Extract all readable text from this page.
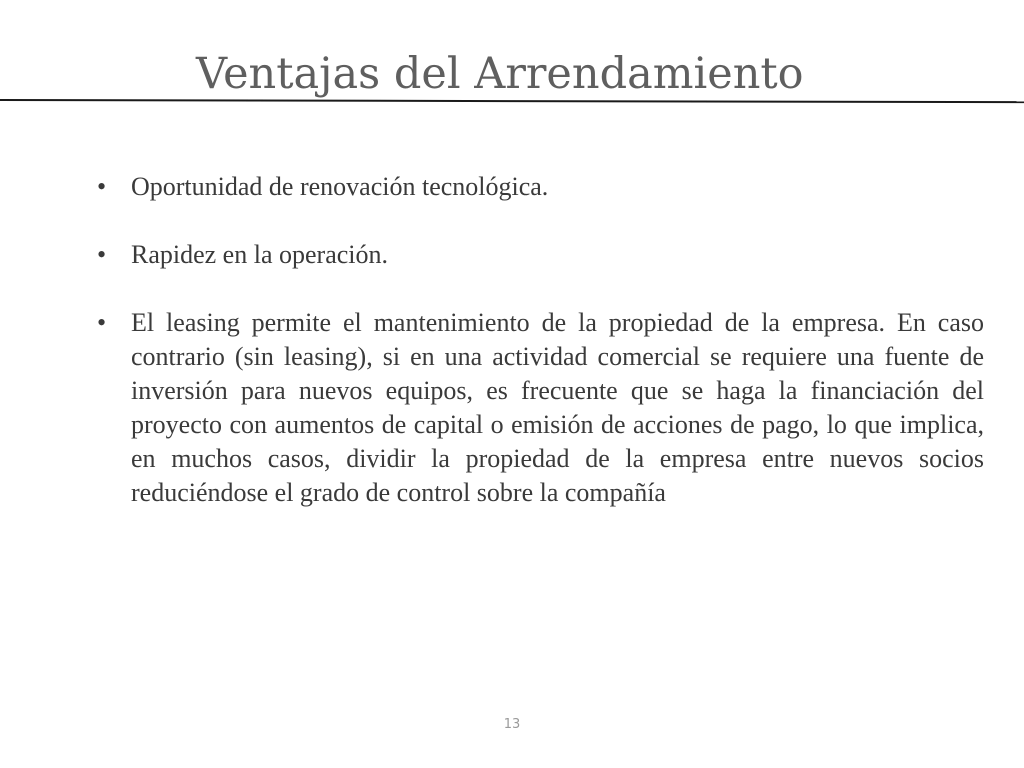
Ventajas del Arrendamiento
• Oportunidad de renovación tecnológica.
• Rapidez en la operación.
• El leasing permite el mantenimiento de la propiedad de la empresa. En caso contrario (sin leasing), si en una actividad comercial se requiere una fuente de inversión para nuevos equipos, es frecuente que se haga la financiación del proyecto con aumentos de capital o emisión de acciones de pago, lo que implica, en muchos casos, dividir la propiedad de la empresa entre nuevos socios reduciéndose el grado de control sobre la compañía
13
